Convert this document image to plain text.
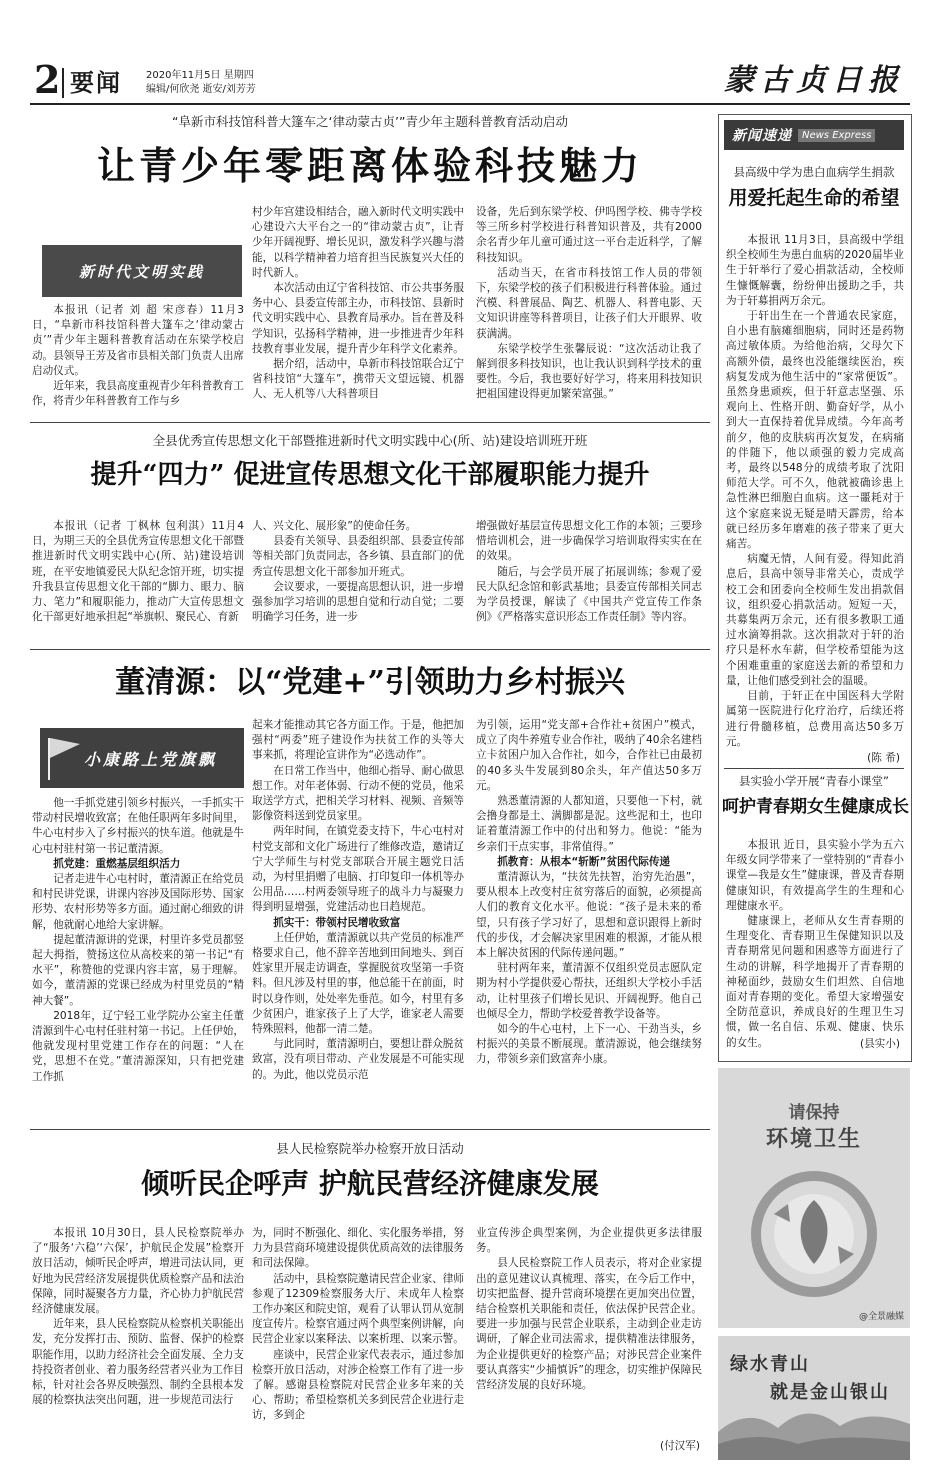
2 要闻 2020年11月5日 星期四
编辑/何欣尧 逝安/刘芳芳	蒙古贞日报
“阜新市科技馆科普大篷车之‘律动蒙古贞’”青少年主题科普教育活动启动
让青少年零距离体验科技魅力
新时代文明实践

本报讯（记者 刘 超 宋彦春）11月3日，“阜新市科技馆科普大篷车之‘律动蒙古贞’”青少年主题科普教育活动在东梁学校启动。县领导王芳及省市县相关部门负责人出席启动仪式。

近年来，我县高度重视青少年科普教育工作，将青少年科普教育工作与乡

村少年宫建设相结合，融入新时代文明实践中心建设六大平台之一的“律动蒙古贞”，让青少年开阔视野、增长见识，激发科学兴趣与潜能，以科学精神着力培育担当民族复兴大任的时代新人。

本次活动由辽宁省科技馆、市公共事务服务中心、县委宣传部主办，市科技馆、县新时代文明实践中心、县教育局承办。旨在普及科学知识，弘扬科学精神，进一步推进青少年科技教育事业发展，提升青少年科学文化素养。

据介绍，活动中，阜新市科技馆联合辽宁省科技馆“大篷车”，携带天文望远镜、机器人、无人机等八大科普项目

设备，先后到东梁学校、伊吗图学校、佛寺学校等三所乡村学校进行科普知识普及，共有2000余名青少年儿童可通过这一平台走近科学，了解科技知识。

活动当天，在省市科技馆工作人员的带领下，东梁学校的孩子们积极进行科普体验。通过汽模、科普展品、陶艺、机器人、科普电影、天文知识讲座等科普项目，让孩子们大开眼界、收获满满。

东梁学校学生张馨辰说：“这次活动让我了解到很多科技知识，也让我认识到科学技术的重要性。今后，我也要好好学习，将来用科技知识把祖国建设得更加繁荣富强。”

全县优秀宣传思想文化干部暨推进新时代文明实践中心(所、站)建设培训班开班
提升“四力” 促进宣传思想文化干部履职能力提升

本报讯（记者 丁枫林 包利淇）11月4日，为期三天的全县优秀宣传思想文化干部暨推进新时代文明实践中心(所、站)建设培训班，在平安地镇爱民大队纪念馆开班，切实提升我县宣传思想文化干部的“脚力、眼力、脑力、笔力”和履职能力，推动广大宣传思想文化干部更好地承担起“举旗帜、聚民心、育新

人、兴文化、展形象”的使命任务。

县委有关领导、县委组织部、县委宣传部等相关部门负责同志，各乡镇、县直部门的优秀宣传思想文化干部参加开班式。

会议要求，一要提高思想认识，进一步增强参加学习培训的思想自觉和行动自觉；二要明确学习任务，进一步

增强做好基层宣传思想文化工作的本领；三要珍惜培训机会，进一步确保学习培训取得实实在在的效果。

随后，与会学员开展了拓展训练；参观了爱民大队纪念馆和彰武基地；县委宣传部相关同志为学员授课，解读了《中国共产党宣传工作条例》《严格落实意识形态工作责任制》等内容。

董清源：以“党建+”引领助力乡村振兴
小康路上党旗飘

他一手抓党建引领乡村振兴，一手抓实干带动村民增收致富；在他任职两年多时间里，牛心屯村步入了乡村振兴的快车道。他就是牛心屯村驻村第一书记董清源。

抓党建：重燃基层组织活力

记者走进牛心屯村时，董清源正在给党员和村民讲党课，讲课内容涉及国际形势、国家形势、农村形势等多方面。通过耐心细致的讲解，他就耐心地给大家讲解。

提起董清源讲的党课，村里许多党员都竖起大拇指，赞扬这位从高校来的第一书记“有水平”，称赞他的党课内容丰富，易于理解。如今，董清源的党课已经成为村里党员的“精神大餐”。

2018年，辽宁轻工业学院办公室主任董清源到牛心屯村任驻村第一书记。上任伊始，他就发现村里党建工作存在的问题：“人在党，思想不在党。”董清源深知，只有把党建工作抓

起来才能推动其它各方面工作。于是，他把加强村“两委”班子建设作为扶贫工作的头等大事来抓，将理论宣讲作为“必选动作”。

在日常工作当中，他细心指导、耐心做思想工作。对年老体弱、行动不便的党员，他采取送学方式，把相关学习材料、视频、音频等影像资料送到党员家里。

两年时间，在镇党委支持下，牛心屯村对村党支部和文化广场进行了维修改造，邀请辽宁大学师生与村党支部联合开展主题党日活动，为村里捐赠了电脑、打印复印一体机等办公用品……村两委领导班子的战斗力与凝聚力得到明显增强，党建活动也日趋规范。

抓实干：带领村民增收致富

上任伊始，董清源就以共产党员的标准严格要求自己，他不辞辛苦地到田间地头、到百姓家里开展走访调查，掌握脱贫攻坚第一手资料。但凡涉及村里的事，他总能干在前面，时时以身作则，处处率先垂范。如今，村里有多少贫困户，谁家孩子上了大学，谁家老人需要特殊照料，他都一清二楚。

与此同时，董清源明白，要想让群众脱贫致富，没有项目带动、产业发展是不可能实现的。为此，他以党员示范

为引领，运用“党支部+合作社+贫困户”模式，成立了肉牛养殖专业合作社，吸纳了40余名建档立卡贫困户加入合作社，如今，合作社已由最初的40多头牛发展到80余头，年产值达50多万元。

熟悉董清源的人都知道，只要他一下村，就会撸身都是土、满脚都是泥。这些泥和土，也印证着董清源工作中的付出和努力。他说：“能为乡亲们干点实事，非常值得。”

抓教育：从根本“斩断”贫困代际传递

董清源认为，“扶贫先扶智，治穷先治愚”，要从根本上改变村庄贫穷落后的面貌，必须提高人们的教育文化水平。他说：“孩子是未来的希望，只有孩子学习好了，思想和意识跟得上新时代的步伐，才会解决家里困难的根源，才能从根本上解决贫困的代际传递问题。”

驻村两年来，董清源不仅组织党员志愿队定期为村小学提供爱心帮扶，还组织大学校小手活动，让村里孩子们增长见识、开阔视野。他自己也倾尽全力，帮助学校爱普教学设备等。

如今的牛心屯村，上下一心、干劲当头，乡村振兴的美景不断展现。董清源说，他会继续努力，带领乡亲们致富奔小康。

县人民检察院举办检察开放日活动
倾听民企呼声 护航民营经济健康发展

本报讯 10月30日，县人民检察院举办了“服务‘六稳’‘六保’，护航民企发展”检察开放日活动，倾听民企呼声，增进司法认同，更好地为民营经济发展提供优质检察产品和法治保障，同时凝聚各方力量，齐心协力护航民营经济健康发展。

近年来，县人民检察院从检察机关职能出发，充分发挥打击、预防、监督、保护的检察职能作用，以助力经济社会全面发展、全力支持投资者创业、着力服务经营者兴业为工作目标，针对社会各界反映强烈、制约全县根本发展的检察执法突出问题，进一步规范司法行

为，同时不断强化、细化、实化服务举措，努力为县营商环境建设提供优质高效的法律服务和司法保障。

活动中，县检察院邀请民营企业家、律师参观了12309检察服务大厅、未成年人检察工作办案区和院史馆，观看了认罪认罚从宽制度宣传片。检察官通过两个典型案例讲解，向民营企业家以案释法、以案析理、以案示警。

座谈中，民营企业家代表表示，通过参加检察开放日活动，对涉企检察工作有了进一步了解。感谢县检察院对民营企业多年来的关心、帮助；希望检察机关多到民营企业进行走访，多到企

业宣传涉企典型案例，为企业提供更多法律服务。

县人民检察院工作人员表示，将对企业家提出的意见建议认真梳理、落实，在今后工作中，切实把监督、提升营商环境摆在更加突出位置，结合检察机关职能和责任，依法保护民营企业。要进一步加强与民营企业联系，主动到企业走访调研，了解企业司法需求，提供精准法律服务，为企业提供更好的检察产品；对涉民营企业案件要认真落实“少捕慎诉”的理念，切实维护保障民营经济发展的良好环境。

(付汉军)
新闻速递	News Express
县高级中学为患白血病学生捐款
用爱托起生命的希望

本报讯 11月3日，县高级中学组织全校师生为患白血病的2020届毕业生于轩举行了爱心捐款活动，全校师生慷慨解囊，纷纷伸出援助之手，共为于轩募捐两万余元。

于轩出生在一个普通农民家庭，自小患有脑瘫细胞病，同时还是药物高过敏体质。为给他治病，父母欠下高额外债，最终也没能继续医治，疾病复发成为他生活中的“家常便饭”。虽然身患顽疾，但于轩意志坚强、乐观向上、性格开朗、勤奋好学，从小到大一直保持着优异成绩。今年高考前夕，他的皮肤病再次复发，在病痛的伴随下，他以顽强的毅力完成高考，最终以548分的成绩考取了沈阳师范大学。可不久，他就被确诊患上急性淋巴细胞白血病。这一噩耗对于这个家庭来说无疑是晴天霹雳，给本就已经历多年磨难的孩子带来了更大痛苦。

病魔无情，人间有爱。得知此消息后，县高中领导非常关心，责成学校工会和团委向全校师生发出捐款倡议，组织爱心捐款活动。短短一天，共募集两万余元，还有很多教职工通过水滴筹捐款。这次捐款对于轩的治疗只是杯水车薪，但学校希望能为这个困难重重的家庭送去新的希望和力量，让他们感受到社会的温暖。

目前，于轩正在中国医科大学附属第一医院进行化疗治疗，后续还将进行骨髓移植，总费用高达50多万元。

(陈 希)
县实验小学开展“青春小课堂”
呵护青春期女生健康成长

本报讯 近日，县实验小学为五六年级女同学带来了一堂特别的“青春小课堂—我是女生”健康课，普及青春期健康知识，有效提高学生的生理和心理健康水平。

健康课上，老师从女生青春期的生理变化、青春期卫生保健知识以及青春期常见问题和困惑等方面进行了生动的讲解，科学地揭开了青春期的神秘面纱，鼓励女生们坦然、自信地面对青春期的变化。希望大家增强安全防范意识，养成良好的生理卫生习惯，做一名自信、乐观、健康、快乐的女生。	(县实小)
请保持
环境卫生
@全景融媒
绿水青山
就是金山银山
